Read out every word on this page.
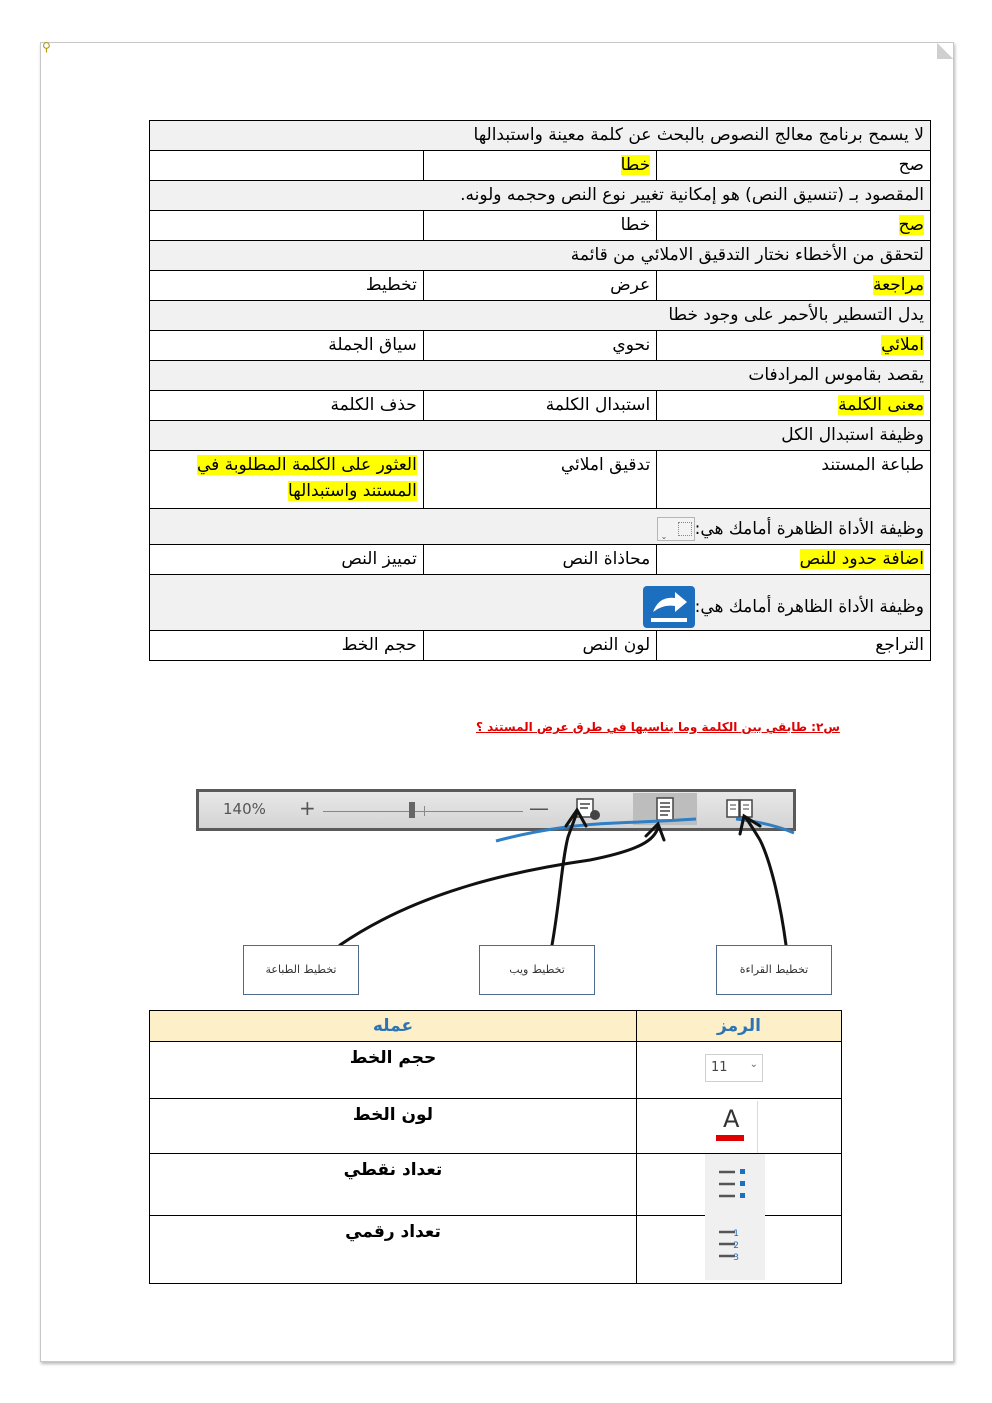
⚲
لا يسمح برنامج معالج النصوص بالبحث عن كلمة معينة واستبدالها		
صح	خطا	
المقصود بـ (تنسيق النص) هو إمكانية تغيير نوع النص وحجمه ولونه.		
صح	خطا	
لتحقق من الأخطاء نختار التدقيق الاملائي من قائمة		
مراجعة	عرض	تخطيط
يدل التسطير بالأحمر على وجود خطا		
املائي	نحوي	سياق الجملة
يقصد بقاموس المرادفات		
معنى الكلمة	استبدال الكلمة	حذف الكلمة
وظيفة استبدال الكل		
طباعة المستند	تدقيق املائي	العثور على الكلمة المطلوبة في المستند واستبدالها
وظيفة الأداة الظاهرة أمامك هي:
⌄		

اضافة حدود للنص	محاذاة النص	تمييز النص
وظيفة الأداة الظاهرة أمامك هي:		
التراجع	لون النص	حجم الخط
س٢: طابقي بين الكلمة وما يناسبها في طرق عرض المستند ؟
140% +	—
تخطيط الطباعة	تخطيط ويب	تخطيط القراءة
الرمز	عمله

11 ⌄	حجم الخط

A	لون الخط

	تعداد نقطي

1
2
3	تعداد رقمي
